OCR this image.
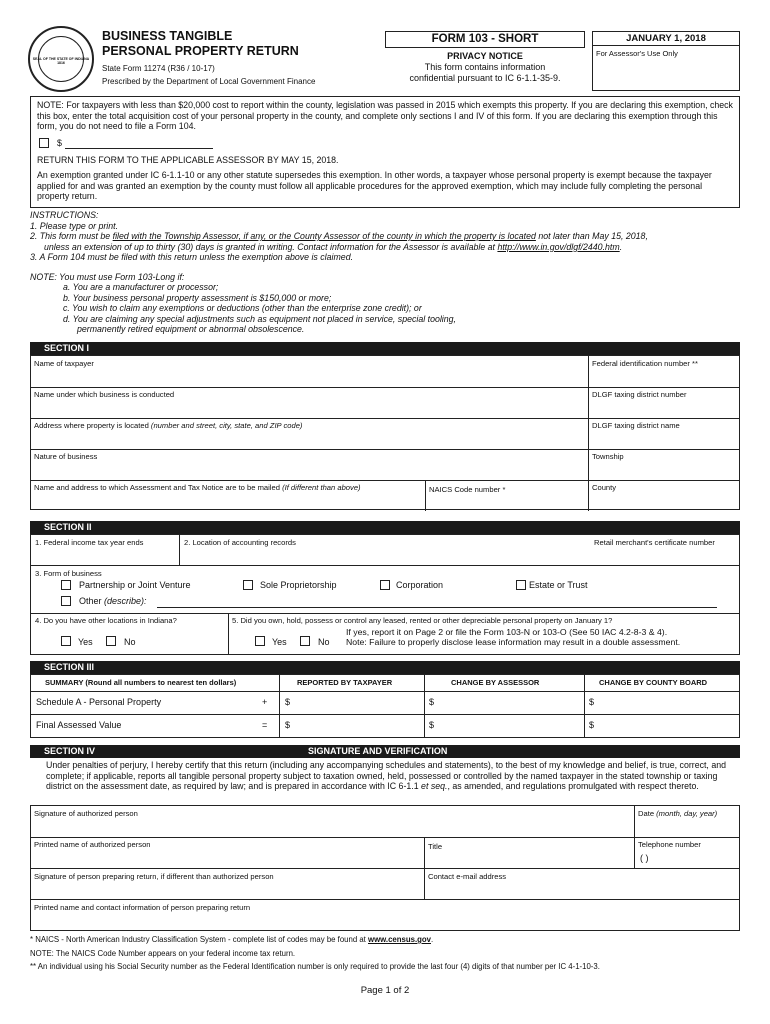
SEAL OF THE STATE OF INDIANA 1816
BUSINESS TANGIBLE
PERSONAL PROPERTY RETURN
State Form 11274 (R36 / 10-17)
Prescribed by the Department of Local Government Finance
FORM 103 - SHORT
PRIVACY NOTICE
This form contains information
confidential pursuant to IC 6-1.1-35-9.
JANUARY 1, 2018
For Assessor's Use Only
NOTE: For taxpayers with less than $20,000 cost to report within the county, legislation was passed in 2015 which exempts this property. If you are declaring this exemption, check this box, enter the total acquisition cost of your personal property in the county, and complete only sections I and IV of this form. If you are declaring this exemption through this form, you do not need to file a Form 104.
$
RETURN THIS FORM TO THE APPLICABLE ASSESSOR BY MAY 15, 2018.
An exemption granted under IC 6-1.1-10 or any other statute supersedes this exemption. In other words, a taxpayer whose personal property is exempt because the taxpayer applied for and was granted an exemption by the county must follow all applicable procedures for the approved exemption, which may include fully completing the personal property return.
INSTRUCTIONS:
1. Please type or print.
2. This form must be filed with the Township Assessor, if any, or the County Assessor of the county in which the property is located not later than May 15, 2018,
unless an extension of up to thirty (30) days is granted in writing. Contact information for the Assessor is available at http://www.in.gov/dlgf/2440.htm.
3. A Form 104 must be filed with this return unless the exemption above is claimed.
NOTE: You must use Form 103-Long if:
a. You are a manufacturer or processor;
b. Your business personal property assessment is $150,000 or more;
c. You wish to claim any exemptions or deductions (other than the enterprise zone credit); or
d. You are claiming any special adjustments such as equipment not placed in service, special tooling,
permanently retired equipment or abnormal obsolescence.
SECTION I
Name of taxpayer	Federal identification number **
Name under which business is conducted	DLGF taxing district number
Address where property is located (number and street, city, state, and ZIP code)	DLGF taxing district name
Nature of business	Township
Name and address to which Assessment and Tax Notice are to be mailed (If different than above)	NAICS Code number *	County
SECTION II
1. Federal income tax year ends	2. Location of accounting records	Retail merchant's certificate number
3. Form of business
Partnership or Joint Venture	Sole Proprietorship	Corporation	Estate or Trust
Other (describe):
4. Do you have other locations in Indiana?
Yes	No
5. Did you own, hold, possess or control any leased, rented or other depreciable personal property on January 1?
Yes	No
If yes, report it on Page 2 or file the Form 103-N or 103-O (See 50 IAC 4.2-8-3 & 4).
Note: Failure to properly disclose lease information may result in a double assessment.
SECTION III
SUMMARY (Round all numbers to nearest ten dollars)	REPORTED BY TAXPAYER	CHANGE BY ASSESSOR	CHANGE BY COUNTY BOARD
Schedule A - Personal Property	+ $	$	$
Final Assessed Value	= $	$	$
SECTION IV	SIGNATURE AND VERIFICATION
Under penalties of perjury, I hereby certify that this return (including any accompanying schedules and statements), to the best of my knowledge and belief, is true, correct, and complete; if applicable, reports all tangible personal property subject to taxation owned, held, possessed or controlled by the named taxpayer in the stated township or taxing district on the assessment date, as required by law; and is prepared in accordance with IC 6-1.1 et seq., as amended, and regulations promulgated with respect thereto.
Signature of authorized person	Date (month, day, year)
Printed name of authorized person	Title	Telephone number
( )
Signature of person preparing return, if different than authorized person	Contact e-mail address
Printed name and contact information of person preparing return
* NAICS - North American Industry Classification System - complete list of codes may be found at www.census.gov.
NOTE: The NAICS Code Number appears on your federal income tax return.
** An individual using his Social Security number as the Federal Identification number is only required to provide the last four (4) digits of that number per IC 4-1-10-3.
Page 1 of 2
